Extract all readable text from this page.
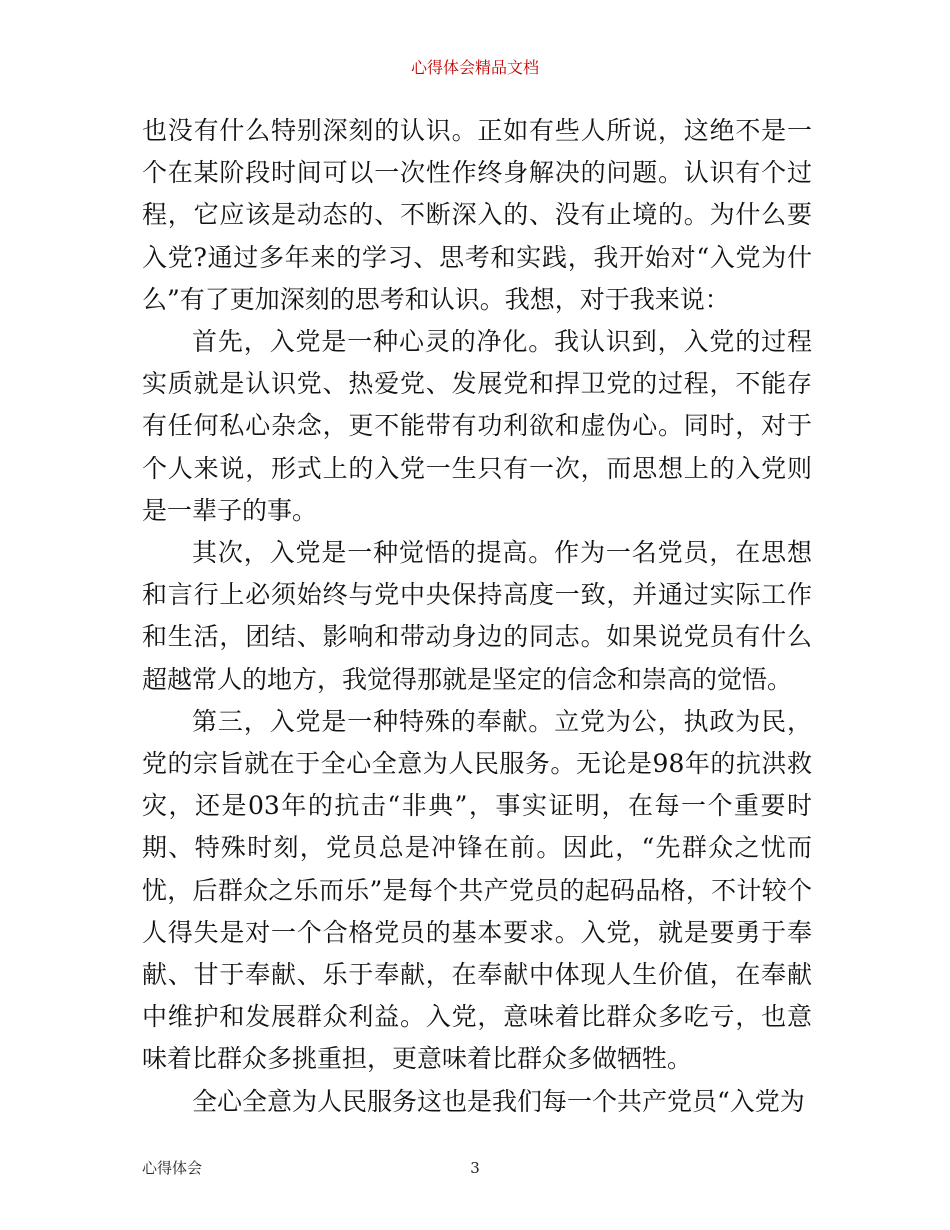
心得体会精品文档

也没有什么特别深刻的认识。正如有些人所说，这绝不是一个在某阶段时间可以一次性作终身解决的问题。认识有个过程，它应该是动态的、不断深入的、没有止境的。为什么要入党?通过多年来的学习、思考和实践，我开始对“入党为什么”有了更加深刻的思考和认识。我想，对于我来说：

首先，入党是一种心灵的净化。我认识到，入党的过程实质就是认识党、热爱党、发展党和捍卫党的过程，不能存有任何私心杂念，更不能带有功利欲和虚伪心。同时，对于个人来说，形式上的入党一生只有一次，而思想上的入党则是一辈子的事。

其次，入党是一种觉悟的提高。作为一名党员，在思想和言行上必须始终与党中央保持高度一致，并通过实际工作和生活，团结、影响和带动身边的同志。如果说党员有什么超越常人的地方，我觉得那就是坚定的信念和崇高的觉悟。

第三，入党是一种特殊的奉献。立党为公，执政为民，党的宗旨就在于全心全意为人民服务。无论是98年的抗洪救灾，还是03年的抗击“非典”，事实证明，在每一个重要时期、特殊时刻，党员总是冲锋在前。因此，“先群众之忧而忧，后群众之乐而乐”是每个共产党员的起码品格，不计较个人得失是对一个合格党员的基本要求。入党，就是要勇于奉献、甘于奉献、乐于奉献，在奉献中体现人生价值，在奉献中维护和发展群众利益。入党，意味着比群众多吃亏，也意味着比群众多挑重担，更意味着比群众多做牺牲。

全心全意为人民服务这也是我们每一个共产党员“入党为

心得体会	3
